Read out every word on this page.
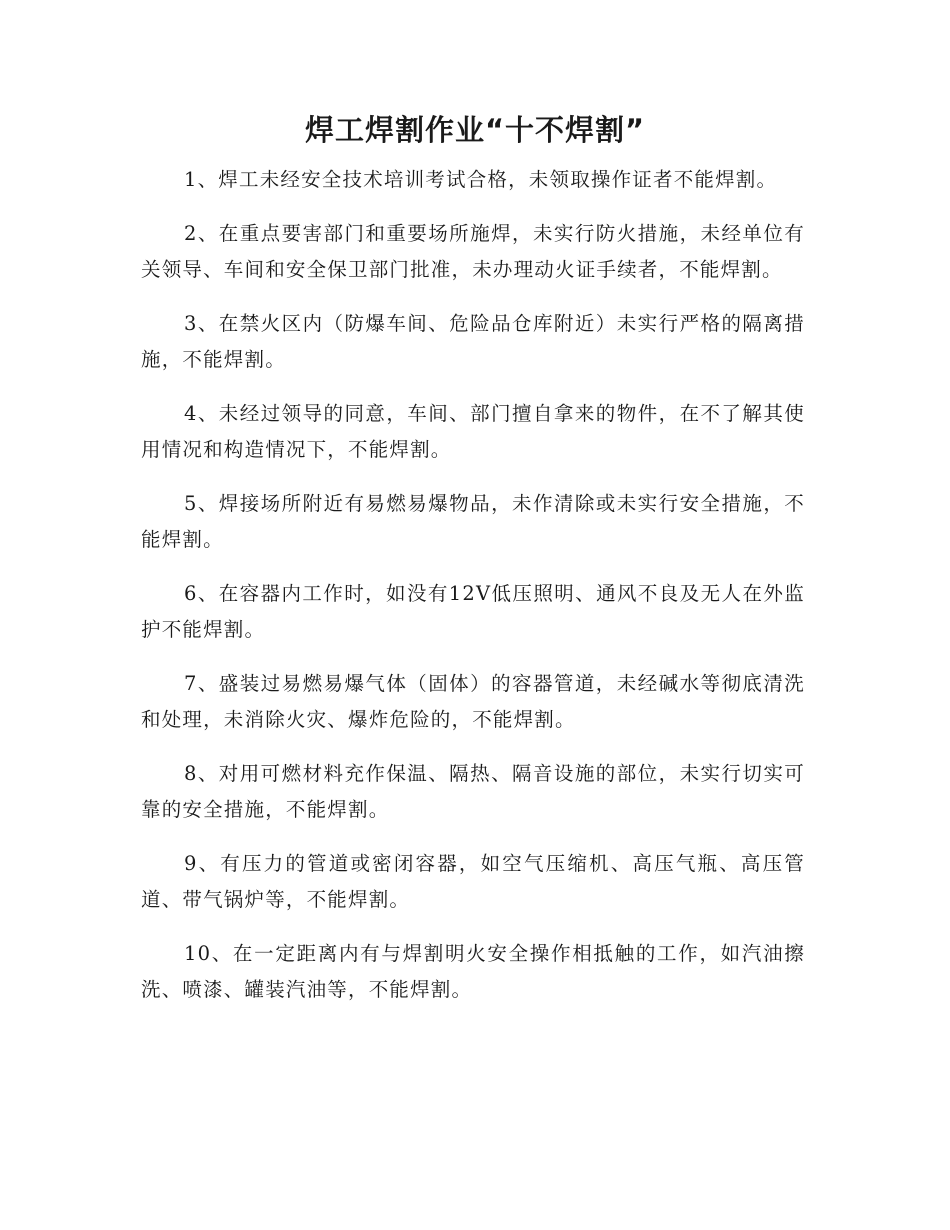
焊工焊割作业“十不焊割”

1、焊工未经安全技术培训考试合格，未领取操作证者不能焊割。

2、在重点要害部门和重要场所施焊，未实行防火措施，未经单位有关领导、车间和安全保卫部门批准，未办理动火证手续者，不能焊割。

3、在禁火区内（防爆车间、危险品仓库附近）未实行严格的隔离措施，不能焊割。

4、未经过领导的同意，车间、部门擅自拿来的物件，在不了解其使用情况和构造情况下，不能焊割。

5、焊接场所附近有易燃易爆物品，未作清除或未实行安全措施，不能焊割。

6、在容器内工作时，如没有12V低压照明、通风不良及无人在外监护不能焊割。

7、盛装过易燃易爆气体（固体）的容器管道，未经碱水等彻底清洗和处理，未消除火灾、爆炸危险的，不能焊割。

8、对用可燃材料充作保温、隔热、隔音设施的部位，未实行切实可靠的安全措施，不能焊割。

9、有压力的管道或密闭容器，如空气压缩机、高压气瓶、高压管道、带气锅炉等，不能焊割。

10、在一定距离内有与焊割明火安全操作相抵触的工作，如汽油擦洗、喷漆、罐装汽油等，不能焊割。
